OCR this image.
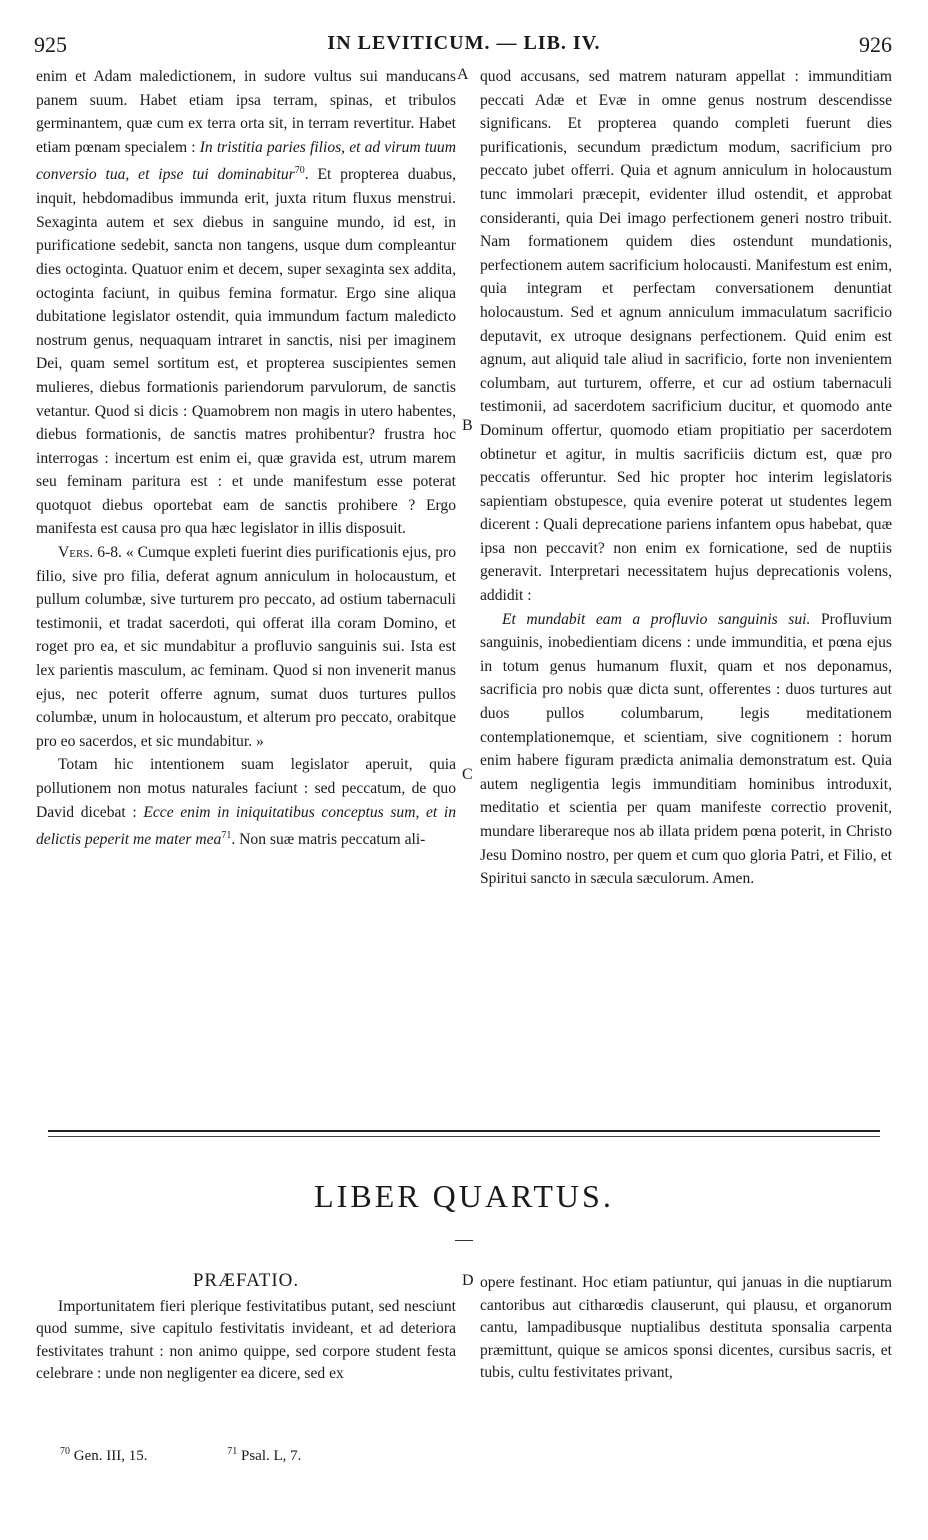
925	IN LEVITICUM. — LIB. IV.	926

enim et Adam maledictionem, in sudore vultus sui manducans panem suum. Habet etiam ipsa terram, spinas, et tribulos germinantem, quæ cum ex terra orta sit, in terram revertitur. Habet etiam pœnam specialem : In tristitia paries filios, et ad virum tuum conversio tua, et ipse tui dominabitur$^{70}$. Et propterea duabus, inquit, hebdomadibus immunda erit, juxta ritum fluxus menstrui. Sexaginta autem et sex diebus in sanguine mundo, id est, in purificatione sedebit, sancta non tangens, usque dum compleantur dies octoginta. Quatuor enim et decem, super sexaginta sex addita, octoginta faciunt, in quibus femina formatur. Ergo sine aliqua dubitatione legislator ostendit, quia immundum factum maledicto nostrum genus, nequaquam intraret in sanctis, nisi per imaginem Dei, quam semel sortitum est, et propterea suscipientes semen mulieres, diebus formationis pariendorum parvulorum, de sanctis vetantur. Quod si dicis : Quamobrem non magis in utero habentes, diebus formationis, de sanctis matres prohibentur? frustra hoc interrogas : incertum est enim ei, quæ gravida est, utrum marem seu feminam paritura est : et unde manifestum esse poterat quotquot diebus oportebat eam de sanctis prohibere ? Ergo manifesta est causa pro qua hæc legislator in illis disposuit.

Vers. 6-8. « Cumque expleti fuerint dies purificationis ejus, pro filio, sive pro filia, deferat agnum anniculum in holocaustum, et pullum columbæ, sive turturem pro peccato, ad ostium tabernaculi testimonii, et tradat sacerdoti, qui offerat illa coram Domino, et roget pro ea, et sic mundabitur a profluvio sanguinis sui. Ista est lex parientis masculum, ac feminam. Quod si non invenerit manus ejus, nec poterit offerre agnum, sumat duos turtures pullos columbæ, unum in holocaustum, et alterum pro peccato, orabitque pro eo sacerdos, et sic mundabitur. »

Totam hic intentionem suam legislator aperuit, quia pollutionem non motus naturales faciunt : sed peccatum, de quo David dicebat : Ecce enim in iniquitatibus conceptus sum, et in delictis peperit me mater mea$^{71}$. Non suæ matris peccatum ali-

quod accusans, sed matrem naturam appellat : immunditiam peccati Adæ et Evæ in omne genus nostrum descendisse significans. Et propterea quando completi fuerunt dies purificationis, secundum prædictum modum, sacrificium pro peccato jubet offerri. Quia et agnum anniculum in holocaustum tunc immolari præcepit, evidenter illud ostendit, et approbat consideranti, quia Dei imago perfectionem generi nostro tribuit. Nam formationem quidem dies ostendunt mundationis, perfectionem autem sacrificium holocausti. Manifestum est enim, quia integram et perfectam conversationem denuntiat holocaustum. Sed et agnum anniculum immaculatum sacrificio deputavit, ex utroque designans perfectionem. Quid enim est agnum, aut aliquid tale aliud in sacrificio, forte non invenientem columbam, aut turturem, offerre, et cur ad ostium tabernaculi testimonii, ad sacerdotem sacrificium ducitur, et quomodo ante Dominum offertur, quomodo etiam propitiatio per sacerdotem obtinetur et agitur, in multis sacrificiis dictum est, quæ pro peccatis offeruntur. Sed hic propter hoc interim legislatoris sapientiam obstupesce, quia evenire poterat ut studentes legem dicerent : Quali deprecatione pariens infantem opus habebat, quæ ipsa non peccavit? non enim ex fornicatione, sed de nuptiis generavit. Interpretari necessitatem hujus deprecationis volens, addidit :

Et mundabit eam a profluvio sanguinis sui. Profluvium sanguinis, inobedientiam dicens : unde immunditia, et pœna ejus in totum genus humanum fluxit, quam et nos deponamus, sacrificia pro nobis quæ dicta sunt, offerentes : duos turtures aut duos pullos columbarum, legis meditationem contemplationemque, et scientiam, sive cognitionem : horum enim habere figuram prædicta animalia demonstratum est. Quia autem negligentia legis immunditiam hominibus introduxit, meditatio et scientia per quam manifeste correctio provenit, mundare liberareque nos ab illata pridem pœna poterit, in Christo Jesu Domino nostro, per quem et cum quo gloria Patri, et Filio, et Spiritui sancto in sæcula sæculorum. Amen.

A
B
C
D
LIBER QUARTUS.
PRÆFATIO.

Importunitatem fieri plerique festivitatibus putant, sed nesciunt quod summe, sive capitulo festivitatis invideant, et ad deteriora festivitates trahunt : non animo quippe, sed corpore student festa celebrare : unde non negligenter ea dicere, sed ex

opere festinant. Hoc etiam patiuntur, qui januas in die nuptiarum cantoribus aut citharœdis clauserunt, qui plausu, et organorum cantu, lampadibusque nuptialibus destituta sponsalia carpenta præmittunt, quique se amicos sponsi dicentes, cursibus sacris, et tubis, cultu festivitates privant,

$^{70}$ Gen. III, 15.	$^{71}$ Psal. L, 7.
